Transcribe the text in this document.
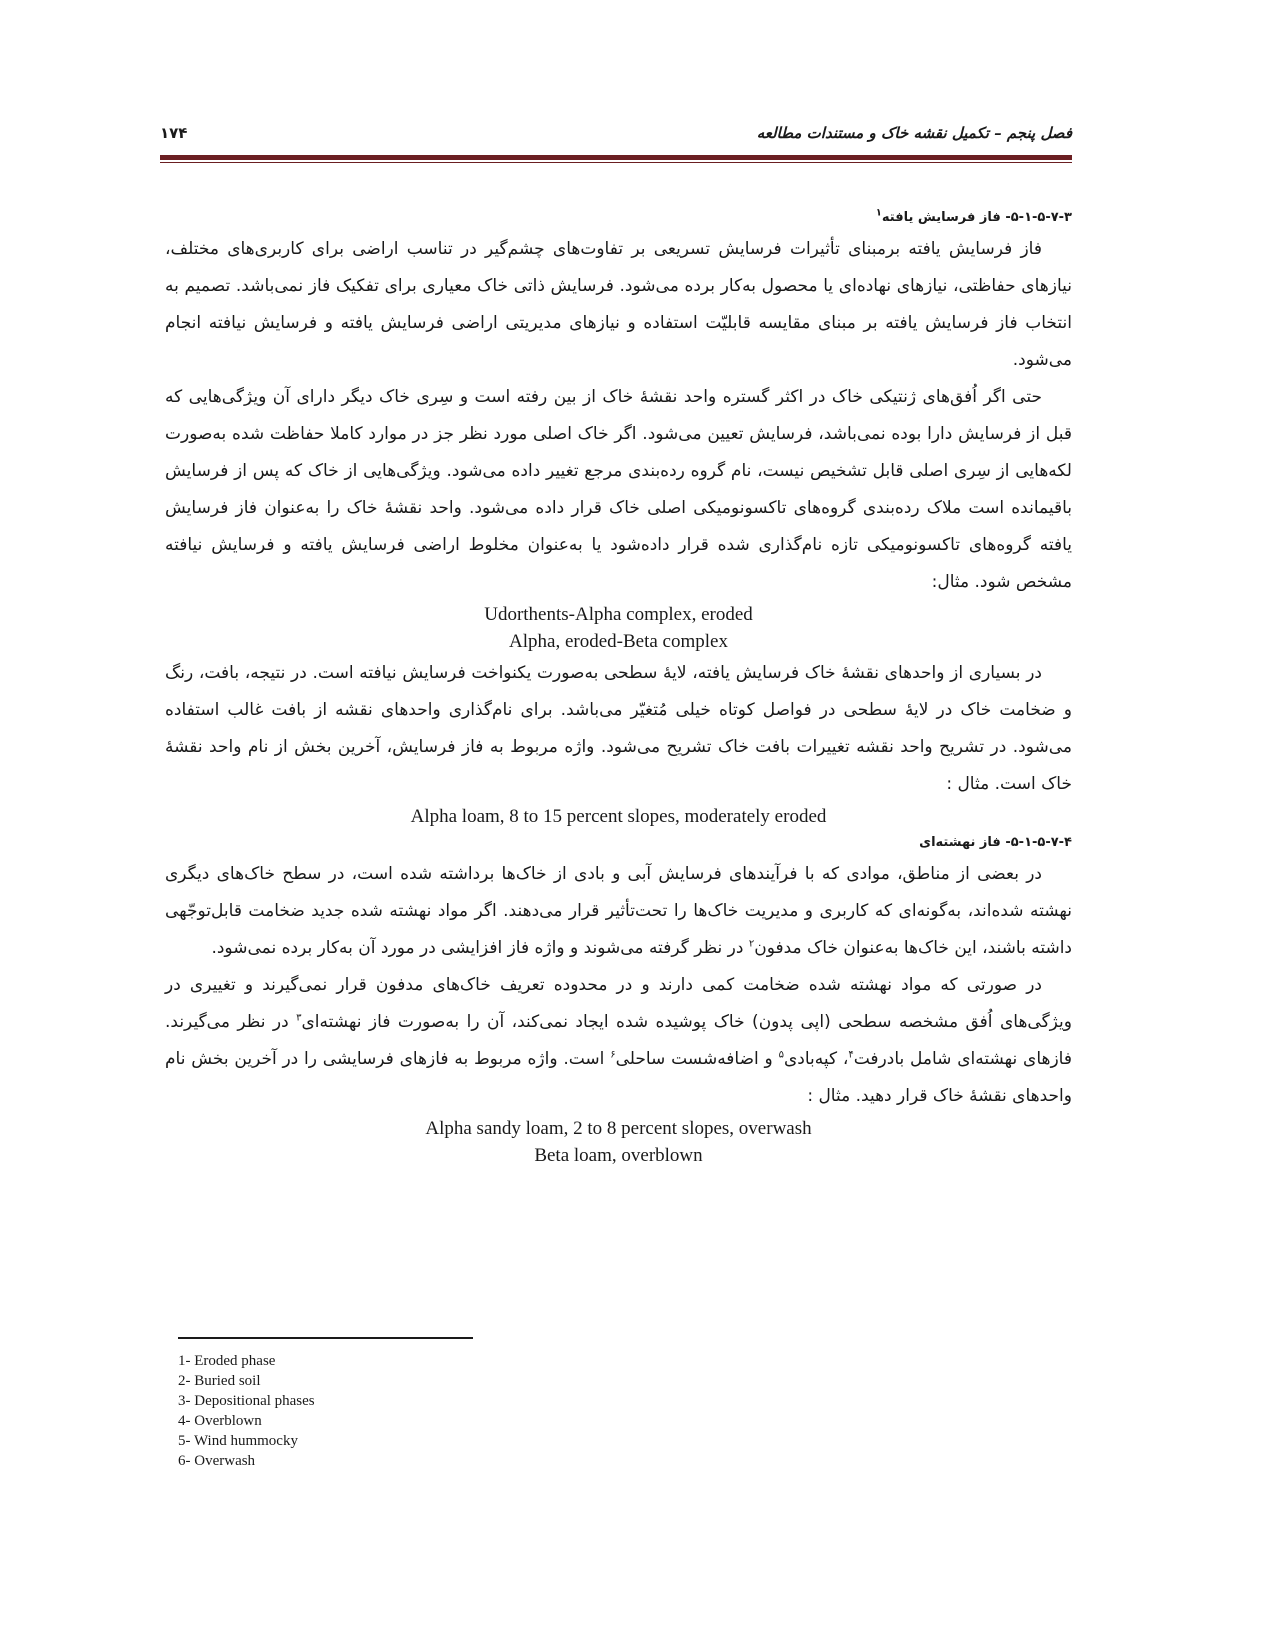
فصل پنجم – تکمیل نقشه خاک و مستندات مطالعه
۱۷۴

۵-۱-۵-۷-۳- فاز فرسایش یافته$^۱$

فاز فرسایش یافته برمبنای تأثیرات فرسایش تسریعی بر تفاوت‌های چشم‌گیر در تناسب اراضی برای کاربری‌های مختلف، نیازهای حفاظتی، نیازهای نهاده‌ای یا محصول به‌کار برده می‌شود. فرسایش ذاتی خاک معیاری برای تفکیک فاز نمی‌باشد. تصمیم به انتخاب فاز فرسایش یافته بر مبنای مقایسه قابلیّت استفاده و نیازهای مدیریتی اراضی فرسایش یافته و فرسایش نیافته انجام می‌شود.

حتی اگر اُفق‌های ژنتیکی خاک در اکثر گستره واحد نقشهٔ خاک از بین رفته است و سِری خاک دیگر دارای آن ویژگی‌هایی که قبل از فرسایش دارا بوده نمی‌باشد، فرسایش تعیین می‌شود. اگر خاک اصلی مورد نظر جز در موارد کاملا حفاظت شده به‌صورت لکه‌هایی از سِری اصلی قابل تشخیص نیست، نام گروه رده‌بندی مرجع تغییر داده می‌شود. ویژگی‌هایی از خاک که پس از فرسایش باقیمانده است ملاک رده‌بندی گروه‌های تاکسونومیکی اصلی خاک قرار داده می‌شود. واحد نقشهٔ خاک را به‌عنوان فاز فرسایش یافته گروه‌های تاکسونومیکی تازه نام‌گذاری شده قرار داده‌شود یا به‌عنوان مخلوط اراضی فرسایش یافته و فرسایش نیافته مشخص شود. مثال:

Udorthents-Alpha complex, eroded

Alpha, eroded-Beta complex

در بسیاری از واحدهای نقشهٔ خاک فرسایش یافته، لایهٔ سطحی به‌صورت یکنواخت فرسایش نیافته است. در نتیجه، بافت، رنگ و ضخامت خاک در لایهٔ سطحی در فواصل کوتاه خیلی مُتغیّر می‌باشد. برای نام‌گذاری واحدهای نقشه از بافت غالب استفاده می‌شود. در تشریح واحد نقشه تغییرات بافت خاک تشریح می‌شود. واژه مربوط به فاز فرسایش، آخرین بخش از نام واحد نقشهٔ خاک است. مثال :

Alpha loam, 8 to 15 percent slopes, moderately eroded

۵-۱-۵-۷-۴- فاز نهشته‌ای

در بعضی از مناطق، موادی که با فرآیندهای فرسایش آبی و بادی از خاک‌ها برداشته شده است، در سطح خاک‌های دیگری نهشته شده‌اند، به‌گونه‌ای که کاربری و مدیریت خاک‌ها را تحت‌تأثیر قرار می‌دهند. اگر مواد نهشته شده جدید ضخامت قابل‌توجّهی داشته باشند، این خاک‌ها به‌عنوان خاک مدفون$^۲$ در نظر گرفته می‌شوند و واژه فاز افزایشی در مورد آن به‌کار برده نمی‌شود.

در صورتی که مواد نهشته شده ضخامت کمی دارند و در محدوده تعریف خاک‌های مدفون قرار نمی‌گیرند و تغییری در ویژگی‌های اُفق مشخصه سطحی (اپی پدون) خاک پوشیده شده ایجاد نمی‌کند، آن را به‌صورت فاز نهشته‌ای$^۳$ در نظر می‌گیرند. فازهای نهشته‌ای شامل بادرفت$^۴$، کپه‌بادی$^۵$ و اضافه‌شست ساحلی$^۶$ است. واژه مربوط به فازهای فرسایشی را در آخرین بخش نام واحدهای نقشهٔ خاک قرار دهید. مثال :

Alpha sandy loam, 2 to 8 percent slopes, overwash

Beta loam, overblown

1- Eroded phase
2- Buried soil
3- Depositional phases
4- Overblown
5- Wind hummocky
6- Overwash
